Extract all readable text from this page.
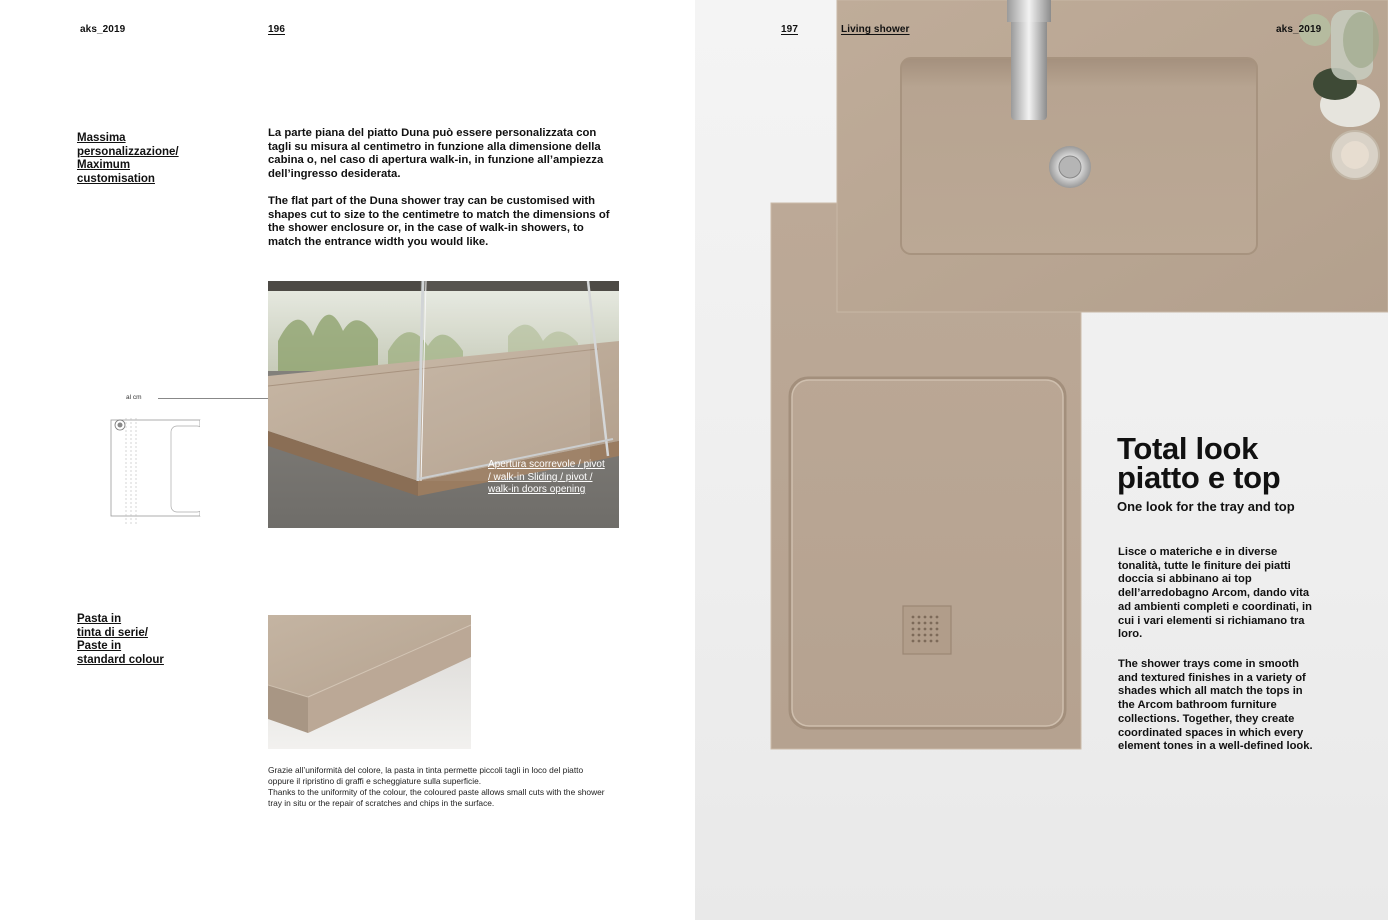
aks_2019	196
Massima
personalizzazione/
Maximum
customisation
La parte piana del piatto Duna può essere personalizzata con tagli su misura al centimetro in funzione alla dimensione della cabina o, nel caso di apertura walk-in, in funzione all’ampiezza dell’ingresso desiderata.
The flat part of the Duna shower tray can be customised with shapes cut to size to the centimetre to match the dimensions of the shower enclosure or, in the case of walk-in showers, to match the entrance width you would like.
al cm
Apertura scorrevole / pivot / walk-in Sliding / pivot / walk-in doors opening
Pasta in
tinta di serie/
Paste in
standard colour
Grazie all’uniformità del colore, la pasta in tinta permette piccoli tagli in loco del piatto oppure il ripristino di graffi e scheggiature sulla superficie.
Thanks to the uniformity of the colour, the coloured paste allows small cuts with the shower tray in situ or the repair of scratches and chips in the surface.
197	Living shower	aks_2019
Total look
piatto e top
One look for the tray and top
Lisce o materiche e in diverse tonalità, tutte le finiture dei piatti doccia si abbinano ai top dell’arredobagno Arcom, dando vita ad ambienti completi e coordinati, in cui i vari elementi si richiamano tra loro.
The shower trays come in smooth and textured finishes in a variety of shades which all match the tops in the Arcom bathroom furniture collections. Together, they create coordinated spaces in which every element tones in a well-defined look.
